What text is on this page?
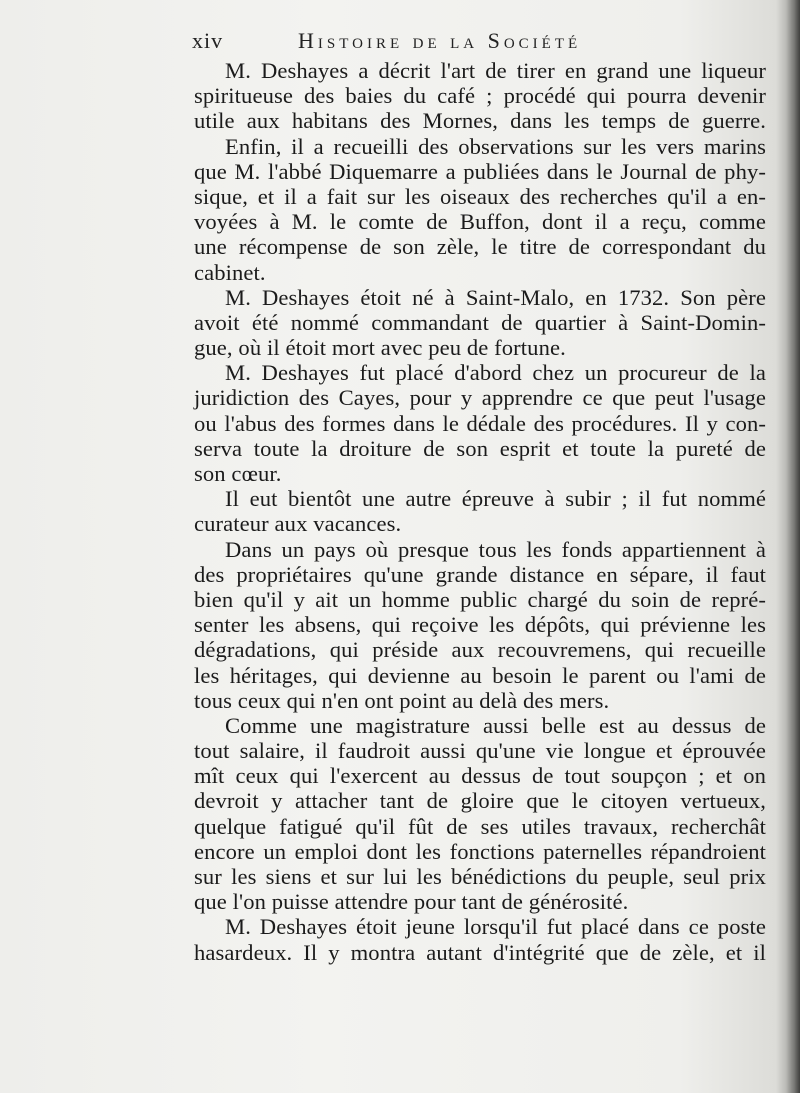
xiv	Histoire de la Société
M. Deshayes a décrit l'art de tirer en grand une liqueur
spiritueuse des baies du café ; procédé qui pourra devenir
utile aux habitans des Mornes, dans les temps de guerre.
Enfin, il a recueilli des observations sur les vers marins
que M. l'abbé Diquemarre a publiées dans le Journal de phy-
sique, et il a fait sur les oiseaux des recherches qu'il a en-
voyées à M. le comte de Buffon, dont il a reçu, comme
une récompense de son zèle, le titre de correspondant du
cabinet.
M. Deshayes étoit né à Saint-Malo, en 1732. Son père
avoit été nommé commandant de quartier à Saint-Domin-
gue, où il étoit mort avec peu de fortune.
M. Deshayes fut placé d'abord chez un procureur de la
juridiction des Cayes, pour y apprendre ce que peut l'usage
ou l'abus des formes dans le dédale des procédures. Il y con-
serva toute la droiture de son esprit et toute la pureté de
son cœur.
Il eut bientôt une autre épreuve à subir ; il fut nommé
curateur aux vacances.
Dans un pays où presque tous les fonds appartiennent à
des propriétaires qu'une grande distance en sépare, il faut
bien qu'il y ait un homme public chargé du soin de repré-
senter les absens, qui reçoive les dépôts, qui prévienne les
dégradations, qui préside aux recouvremens, qui recueille
les héritages, qui devienne au besoin le parent ou l'ami de
tous ceux qui n'en ont point au delà des mers.
Comme une magistrature aussi belle est au dessus de
tout salaire, il faudroit aussi qu'une vie longue et éprouvée
mît ceux qui l'exercent au dessus de tout soupçon ; et on
devroit y attacher tant de gloire que le citoyen vertueux,
quelque fatigué qu'il fût de ses utiles travaux, recherchât
encore un emploi dont les fonctions paternelles répandroient
sur les siens et sur lui les bénédictions du peuple, seul prix
que l'on puisse attendre pour tant de générosité.
M. Deshayes étoit jeune lorsqu'il fut placé dans ce poste
hasardeux. Il y montra autant d'intégrité que de zèle, et il
